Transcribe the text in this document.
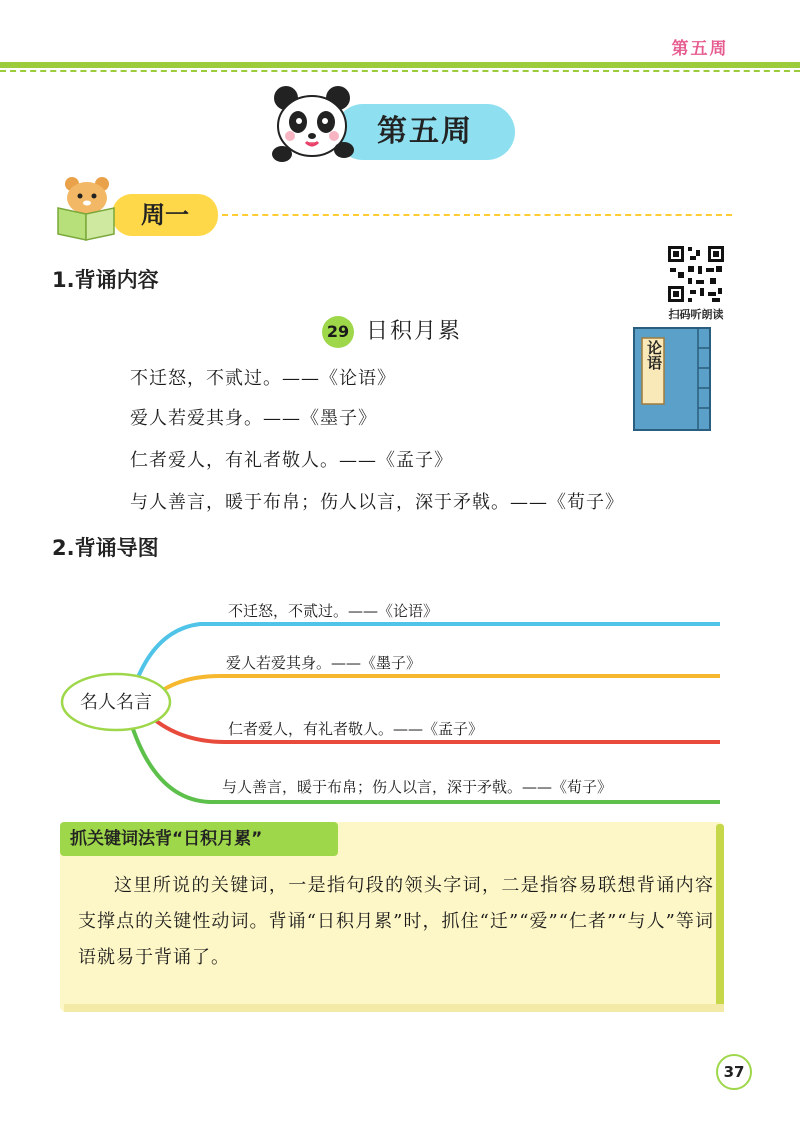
第五周
第五周
周一
1.背诵内容
扫码听朗读
29 日积月累
论语
不迁怒，不贰过。——《论语》
爱人若爱其身。——《墨子》
仁者爱人，有礼者敬人。——《孟子》
与人善言，暖于布帛；伤人以言，深于矛戟。——《荀子》
2.背诵导图
名人名言
不迁怒，不贰过。——《论语》
爱人若爱其身。——《墨子》
仁者爱人，有礼者敬人。——《孟子》
与人善言，暖于布帛；伤人以言，深于矛戟。——《荀子》
抓关键词法背“日积月累”
这里所说的关键词，一是指句段的领头字词，二是指容易联想背诵内容支撑点的关键性动词。背诵“日积月累”时，抓住“迁”“爱”“仁者”“与人”等词语就易于背诵了。
37
